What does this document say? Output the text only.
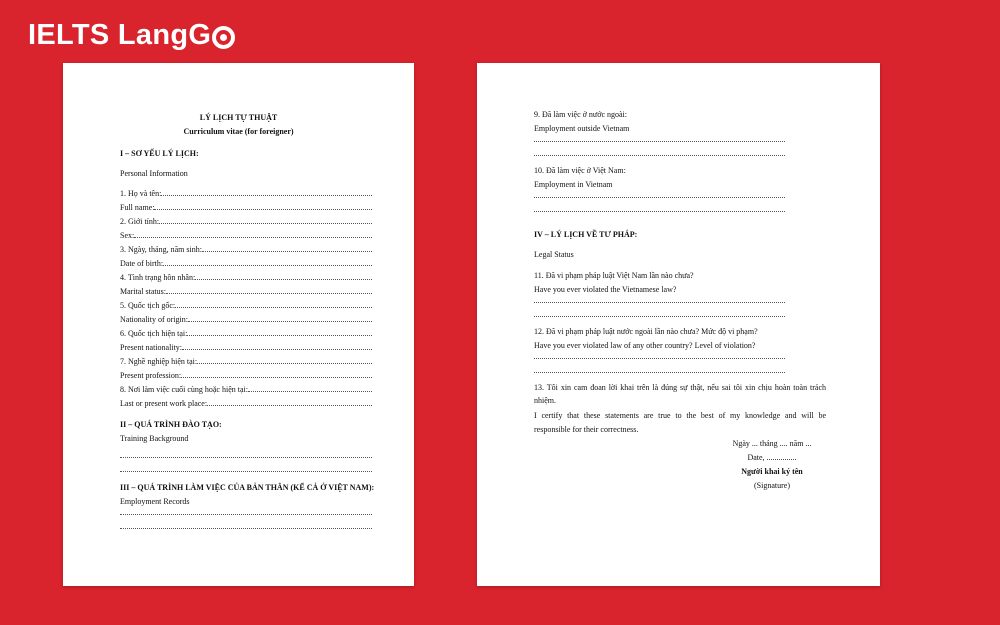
IELTS LangG
LÝ LỊCH TỰ THUẬT
Curriculum vitae (for foreigner)
I – SƠ YẾU LÝ LỊCH:
Personal Information
1. Họ và tên:
Full name:
2. Giới tính:
Sex:
3. Ngày, tháng, năm sinh:
Date of birth:
4. Tình trạng hôn nhân:
Marital status:
5. Quốc tịch gốc:
Nationality of origin:
6. Quốc tịch hiện tại:
Present nationality:
7. Nghề nghiệp hiện tại:
Present profession:
8. Nơi làm việc cuối cùng hoặc hiện tại:
Last or present work place:
II – QUÁ TRÌNH ĐÀO TẠO:
Training Background
III – QUÁ TRÌNH LÀM VIỆC CỦA BẢN THÂN (KỂ CẢ Ở VIỆT NAM):
Employment Records
9. Đã làm việc ở nước ngoài:
Employment outside Vietnam
10. Đã làm việc ở Việt Nam:
Employment in Vietnam
IV – LÝ LỊCH VỀ TƯ PHÁP:
Legal Status
11. Đã vi phạm pháp luật Việt Nam lần nào chưa?
Have you ever violated the Vietnamese law?
12. Đã vi phạm pháp luật nước ngoài lần nào chưa? Mức độ vi phạm?
Have you ever violated law of any other country? Level of violation?
13. Tôi xin cam đoan lời khai trên là đúng sự thật, nếu sai tôi xin chịu hoàn toàn trách
nhiệm.
I certify that these statements are true to the best of my knowledge and will be
responsible for their correctness.
Ngày ... tháng .... năm ...
Date, ...............
Người khai ký tên
(Signature)
